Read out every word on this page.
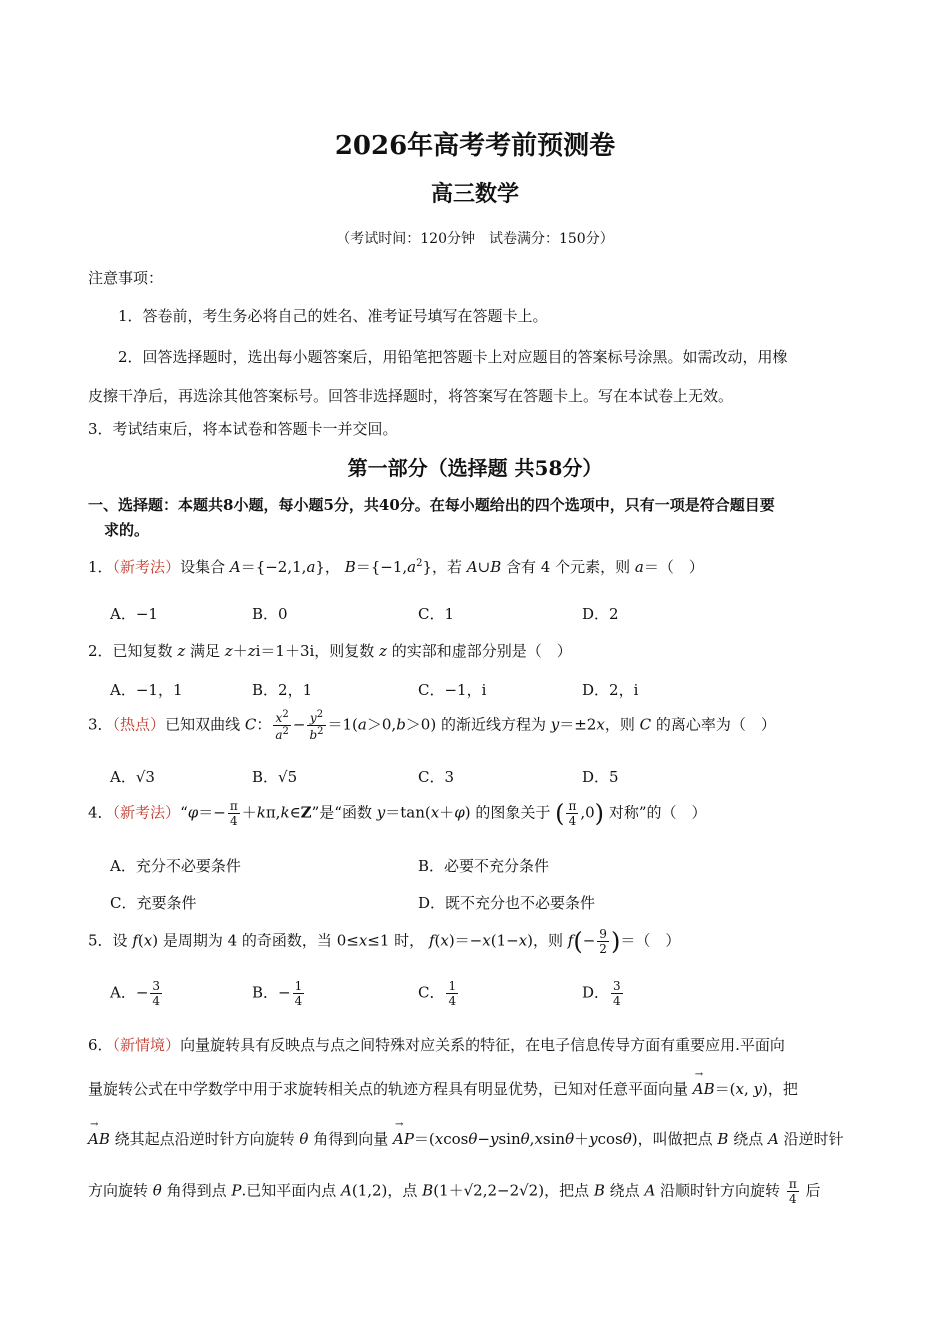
2026年高考考前预测卷
高三数学
（考试时间：120分钟　试卷满分：150分）
注意事项：
1．答卷前，考生务必将自己的姓名、准考证号填写在答题卡上。
2．回答选择题时，选出每小题答案后，用铅笔把答题卡上对应题目的答案标号涂黑。如需改动，用橡
皮擦干净后，再选涂其他答案标号。回答非选择题时，将答案写在答题卡上。写在本试卷上无效。
3．考试结束后，将本试卷和答题卡一并交回。
第一部分（选择题 共58分）
一、选择题：本题共8小题，每小题5分，共40分。在每小题给出的四个选项中，只有一项是符合题目要
求的。
1．（新考法）设集合 A＝{−2,1,a}， $B=\{-1,a^2\}$，若 A∪B 含有 4 个元素，则 a＝（　）
A．−1	B．0	C．1	D．2
2．已知复数 z 满足 z＋zi＝1＋3i，则复数 z 的实部和虚部分别是（　）
A．−1，1	B．2，1	C．−1，i	D．2，i
3．（热点）已知双曲线 C： $\frac{x^2}{a^2} - \frac{y^2}{b^2} =1(a>0,b>0)$ 的渐近线方程为 y＝±2x，则 C 的离心率为（　）
A．√3	B．√5	C．3	D．5
4．（新考法）“φ＝− $\frac{\pi}{4}$ ＋kπ,k∈Z”是“函数 y＝tan(x＋φ) 的图象关于 ( $\frac{\pi}{4} ,0$) 对称”的（　）
A．充分不必要条件	B．必要不充分条件
C．充要条件	D．既不充分也不必要条件
5．设 f(x) 是周期为 4 的奇函数，当 0≤x≤1 时， f(x)＝−x(1−x)，则 $f(- \frac{9}{2}$ )＝（　）
A．− $\frac{3}{4}$	B．− $\frac{1}{4}$	C． $\frac{1}{4}$	D． $\frac{3}{4}$
6．（新情境）向量旋转具有反映点与点之间特殊对应关系的特征，在电子信息传导方面有重要应用.平面向
量旋转公式在中学数学中用于求旋转相关点的轨迹方程具有明显优势，已知对任意平面向量 → AB＝(x, y)，把
→ AB 绕其起点沿逆时针方向旋转 θ 角得到向量 → AP＝(xcosθ−ysinθ,xsinθ＋ycosθ)，叫做把点 B 绕点 A 沿逆时针
方向旋转 θ 角得到点 P.已知平面内点 A(1,2)，点 B(1＋√2,2−2√2)，把点 B 绕点 A 沿顺时针方向旋转 $\frac{\pi}{4}$ 后
